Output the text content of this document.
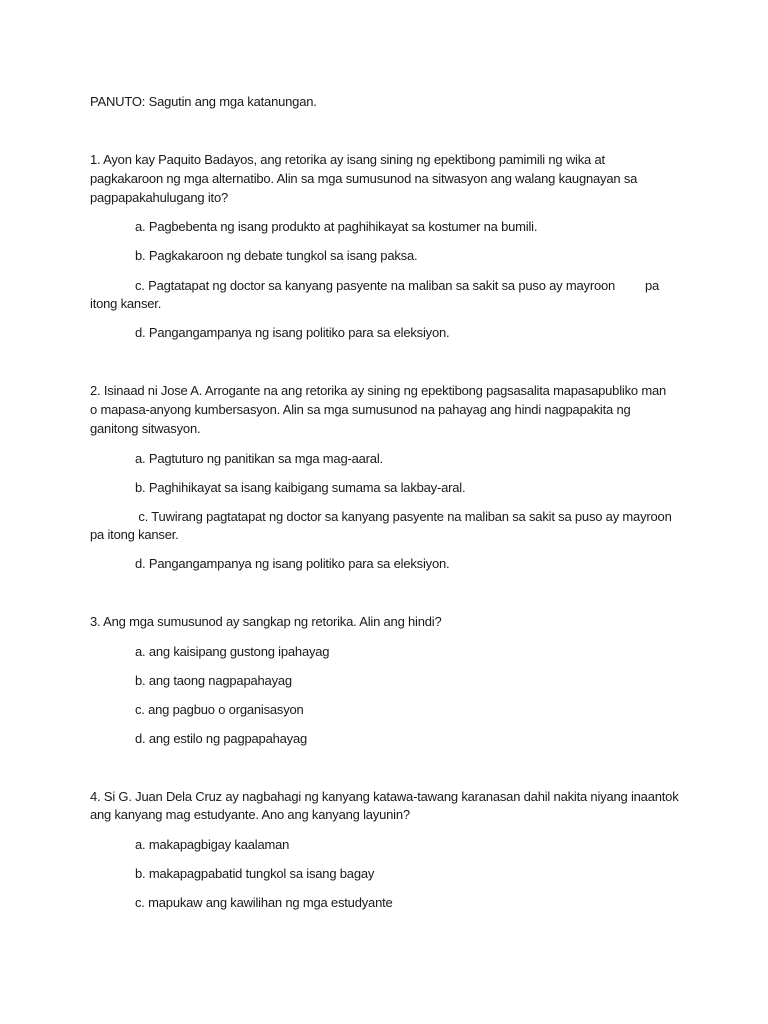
PANUTO: Sagutin ang mga katanungan.
1. Ayon kay Paquito Badayos, ang retorika ay isang sining ng epektibong pamimili ng wika at
pagkakaroon ng mga alternatibo. Alin sa mga sumusunod na sitwasyon ang walang kaugnayan sa
pagpapakahulugang ito?
a. Pagbebenta ng isang produkto at paghihikayat sa kostumer na bumili.
b. Pagkakaroon ng debate tungkol sa isang paksa.
c. Pagtatapat ng doctor sa kanyang pasyente na maliban sa sakit sa puso ay mayroon pa
itong kanser.
d. Pangangampanya ng isang politiko para sa eleksiyon.
2. Isinaad ni Jose A. Arrogante na ang retorika ay sining ng epektibong pagsasalita mapasapubliko man
o mapasa-anyong kumbersasyon. Alin sa mga sumusunod na pahayag ang hindi nagpapakita ng
ganitong sitwasyon.
a. Pagtuturo ng panitikan sa mga mag-aaral.
b. Paghihikayat sa isang kaibigang sumama sa lakbay-aral.
c. Tuwirang pagtatapat ng doctor sa kanyang pasyente na maliban sa sakit sa puso ay mayroon
pa itong kanser.
d. Pangangampanya ng isang politiko para sa eleksiyon.
3. Ang mga sumusunod ay sangkap ng retorika. Alin ang hindi?
a. ang kaisipang gustong ipahayag
b. ang taong nagpapahayag
c. ang pagbuo o organisasyon
d. ang estilo ng pagpapahayag
4. Si G. Juan Dela Cruz ay nagbahagi ng kanyang katawa-tawang karanasan dahil nakita niyang inaantok
ang kanyang mag estudyante. Ano ang kanyang layunin?
a. makapagbigay kaalaman
b. makapagpabatid tungkol sa isang bagay
c. mapukaw ang kawilihan ng mga estudyante
